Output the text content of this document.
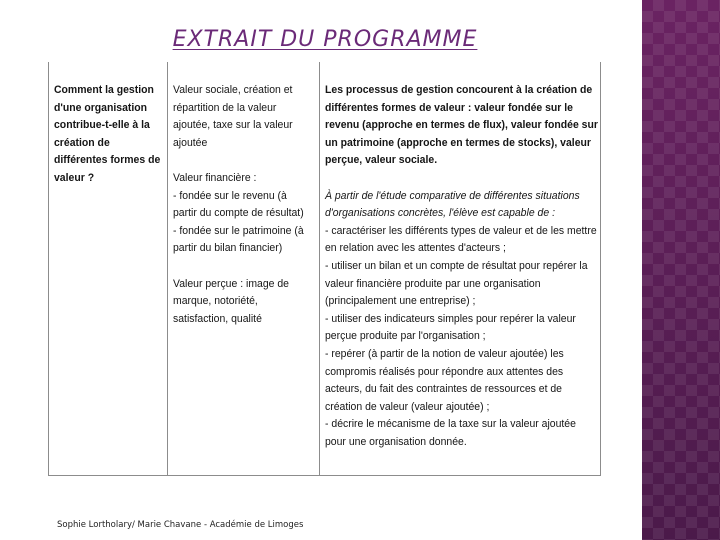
EXTRAIT DU PROGRAMME
Comment la gestion
d'une organisation
contribue-t-elle à la
création de
différentes formes de
valeur ?
Valeur sociale, création et
répartition de la valeur
ajoutée, taxe sur la valeur
ajoutée
Valeur financière :
- fondée sur le revenu (à
partir du compte de résultat)
- fondée sur le patrimoine (à
partir du bilan financier)
Valeur perçue : image de
marque, notoriété,
satisfaction, qualité
Les processus de gestion concourent à la création de
différentes formes de valeur : valeur fondée sur le
revenu (approche en termes de flux), valeur fondée sur
un patrimoine (approche en termes de stocks), valeur
perçue, valeur sociale.
À partir de l'étude comparative de différentes situations
d'organisations concrètes, l'élève est capable de :
- caractériser les différents types de valeur et de les mettre
en relation avec les attentes d'acteurs ;
- utiliser un bilan et un compte de résultat pour repérer la
valeur financière produite par une organisation
(principalement une entreprise) ;
- utiliser des indicateurs simples pour repérer la valeur
perçue produite par l'organisation ;
- repérer (à partir de la notion de valeur ajoutée) les
compromis réalisés pour répondre aux attentes des
acteurs, du fait des contraintes de ressources et de
création de valeur (valeur ajoutée) ;
- décrire le mécanisme de la taxe sur la valeur ajoutée
pour une organisation donnée.
Sophie Lortholary/ Marie Chavane - Académie de Limoges
